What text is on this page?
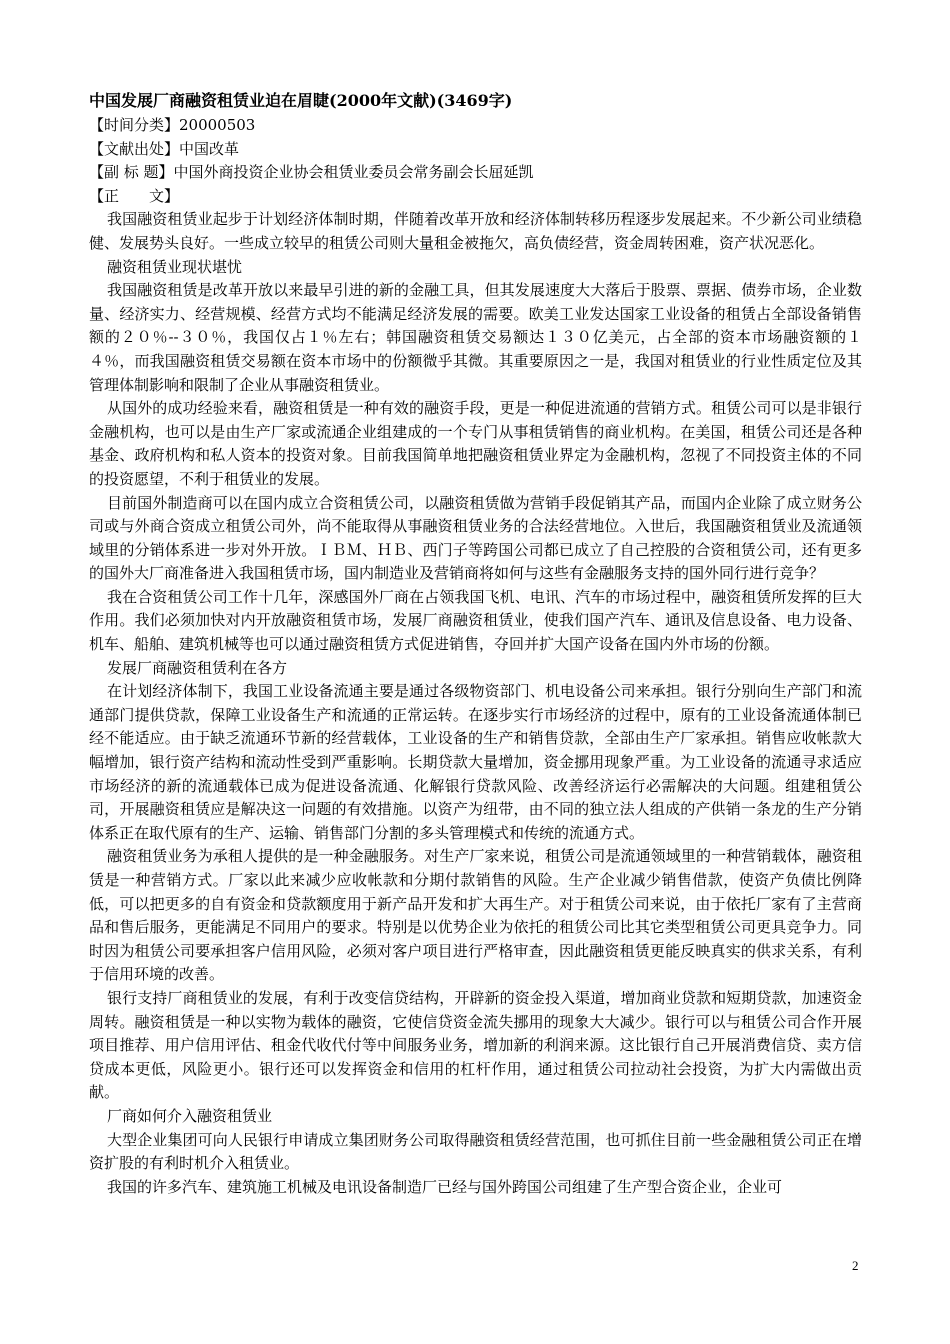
中国发展厂商融资租赁业迫在眉睫(2000年文献)(3469字)
【时间分类】20000503
【文献出处】中国改革
【副 标 题】中国外商投资企业协会租赁业委员会常务副会长屈延凯
【正　　文】

我国融资租赁业起步于计划经济体制时期，伴随着改革开放和经济体制转移历程逐步发展起来。不少新公司业绩稳健、发展势头良好。一些成立较早的租赁公司则大量租金被拖欠，高负债经营，资金周转困难，资产状况恶化。

融资租赁业现状堪忧

我国融资租赁是改革开放以来最早引进的新的金融工具，但其发展速度大大落后于股票、票据、债券市场，企业数量、经济实力、经营规模、经营方式均不能满足经济发展的需要。欧美工业发达国家工业设备的租赁占全部设备销售额的２０％--３０％，我国仅占１％左右；韩国融资租赁交易额达１３０亿美元，占全部的资本市场融资额的１４％，而我国融资租赁交易额在资本市场中的份额微乎其微。其重要原因之一是，我国对租赁业的行业性质定位及其管理体制影响和限制了企业从事融资租赁业。

从国外的成功经验来看，融资租赁是一种有效的融资手段，更是一种促进流通的营销方式。租赁公司可以是非银行金融机构，也可以是由生产厂家或流通企业组建成的一个专门从事租赁销售的商业机构。在美国，租赁公司还是各种基金、政府机构和私人资本的投资对象。目前我国简单地把融资租赁业界定为金融机构，忽视了不同投资主体的不同的投资愿望，不利于租赁业的发展。

目前国外制造商可以在国内成立合资租赁公司，以融资租赁做为营销手段促销其产品，而国内企业除了成立财务公司或与外商合资成立租赁公司外，尚不能取得从事融资租赁业务的合法经营地位。入世后，我国融资租赁业及流通领域里的分销体系进一步对外开放。ＩＢＭ、ＨＢ、西门子等跨国公司都已成立了自己控股的合资租赁公司，还有更多的国外大厂商准备进入我国租赁市场，国内制造业及营销商将如何与这些有金融服务支持的国外同行进行竞争？

我在合资租赁公司工作十几年，深感国外厂商在占领我国飞机、电讯、汽车的市场过程中，融资租赁所发挥的巨大作用。我们必须加快对内开放融资租赁市场，发展厂商融资租赁业，使我们国产汽车、通讯及信息设备、电力设备、机车、船舶、建筑机械等也可以通过融资租赁方式促进销售，夺回并扩大国产设备在国内外市场的份额。

发展厂商融资租赁利在各方

在计划经济体制下，我国工业设备流通主要是通过各级物资部门、机电设备公司来承担。银行分别向生产部门和流通部门提供贷款，保障工业设备生产和流通的正常运转。在逐步实行市场经济的过程中，原有的工业设备流通体制已经不能适应。由于缺乏流通环节新的经营载体，工业设备的生产和销售贷款，全部由生产厂家承担。销售应收帐款大幅增加，银行资产结构和流动性受到严重影响。长期贷款大量增加，资金挪用现象严重。为工业设备的流通寻求适应市场经济的新的流通载体已成为促进设备流通、化解银行贷款风险、改善经济运行必需解决的大问题。组建租赁公司，开展融资租赁应是解决这一问题的有效措施。以资产为纽带，由不同的独立法人组成的产供销一条龙的生产分销体系正在取代原有的生产、运输、销售部门分割的多头管理模式和传统的流通方式。

融资租赁业务为承租人提供的是一种金融服务。对生产厂家来说，租赁公司是流通领域里的一种营销载体，融资租赁是一种营销方式。厂家以此来减少应收帐款和分期付款销售的风险。生产企业减少销售借款，使资产负债比例降低，可以把更多的自有资金和贷款额度用于新产品开发和扩大再生产。对于租赁公司来说，由于依托厂家有了主营商品和售后服务，更能满足不同用户的要求。特别是以优势企业为依托的租赁公司比其它类型租赁公司更具竞争力。同时因为租赁公司要承担客户信用风险，必须对客户项目进行严格审查，因此融资租赁更能反映真实的供求关系，有利于信用环境的改善。

银行支持厂商租赁业的发展，有利于改变信贷结构，开辟新的资金投入渠道，增加商业贷款和短期贷款，加速资金周转。融资租赁是一种以实物为载体的融资，它使信贷资金流失挪用的现象大大减少。银行可以与租赁公司合作开展项目推荐、用户信用评估、租金代收代付等中间服务业务，增加新的利润来源。这比银行自己开展消费信贷、卖方信贷成本更低，风险更小。银行还可以发挥资金和信用的杠杆作用，通过租赁公司拉动社会投资，为扩大内需做出贡献。

厂商如何介入融资租赁业

大型企业集团可向人民银行申请成立集团财务公司取得融资租赁经营范围，也可抓住目前一些金融租赁公司正在增资扩股的有利时机介入租赁业。

我国的许多汽车、建筑施工机械及电讯设备制造厂已经与国外跨国公司组建了生产型合资企业，企业可

2
